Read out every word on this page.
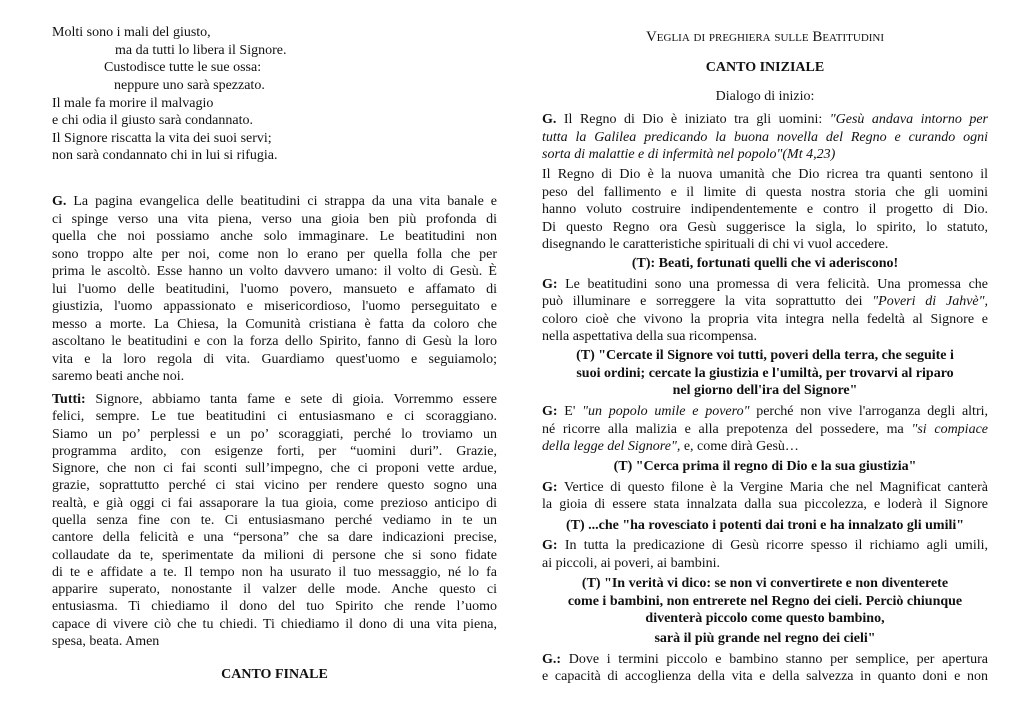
Molti sono i mali del giusto,
ma da tutti lo libera il Signore.
Custodisce tutte le sue ossa:
neppure uno sarà spezzato.
Il male fa morire il malvagio
e chi odia il giusto sarà condannato.
Il Signore riscatta la vita dei suoi servi;
non sarà condannato chi in lui si rifugia.
G. La pagina evangelica delle beatitudini ci strappa da una vita banale e
ci spinge verso una vita piena, verso una gioia ben più profonda di
quella che noi possiamo anche solo immaginare. Le beatitudini non
sono troppo alte per noi, come non lo erano per quella folla che per
prima le ascoltò. Esse hanno un volto davvero umano: il volto di Gesù. È
lui l'uomo delle beatitudini, l'uomo povero, mansueto e affamato di
giustizia, l'uomo appassionato e misericordioso, l'uomo perseguitato e
messo a morte. La Chiesa, la Comunità cristiana è fatta da coloro che
ascoltano le beatitudini e con la forza dello Spirito, fanno di Gesù la loro
vita e la loro regola di vita. Guardiamo quest'uomo e seguiamolo;
saremo beati anche noi.
Tutti: Signore, abbiamo tanta fame e sete di gioia. Vorremmo essere
felici, sempre. Le tue beatitudini ci entusiasmano e ci scoraggiano.
Siamo un po’ perplessi e un po’ scoraggiati, perché lo troviamo un
programma ardito, con esigenze forti, per “uomini duri”. Grazie,
Signore, che non ci fai sconti sull’impegno, che ci proponi vette ardue,
grazie, soprattutto perché ci stai vicino per rendere questo sogno una
realtà, e già oggi ci fai assaporare la tua gioia, come prezioso anticipo di
quella senza fine con te. Ci entusiasmano perché vediamo in te un
cantore della felicità e una “persona” che sa dare indicazioni precise,
collaudate da te, sperimentate da milioni di persone che si sono fidate
di te e affidate a te. Il tempo non ha usurato il tuo messaggio, né lo fa
apparire superato, nonostante il valzer delle mode. Anche questo ci
entusiasma. Ti chiediamo il dono del tuo Spirito che rende l’uomo
capace di vivere ciò che tu chiedi. Ti chiediamo il dono di una vita piena,
spesa, beata. Amen
CANTO FINALE
Veglia di preghiera sulle Beatitudini
CANTO INIZIALE
Dialogo di inizio:
G. Il Regno di Dio è iniziato tra gli uomini: "Gesù andava intorno per
tutta la Galilea predicando la buona novella del Regno e curando ogni
sorta di malattie e di infermità nel popolo"(Mt 4,23)
Il Regno di Dio è la nuova umanità che Dio ricrea tra quanti sentono il
peso del fallimento e il limite di questa nostra storia che gli uomini
hanno voluto costruire indipendentemente e contro il progetto di Dio.
Di questo Regno ora Gesù suggerisce la sigla, lo spirito, lo statuto,
disegnando le caratteristiche spirituali di chi vi vuol accedere.
(T): Beati, fortunati quelli che vi aderiscono!
G: Le beatitudini sono una promessa di vera felicità. Una promessa che
può illuminare e sorreggere la vita soprattutto dei "Poveri di Jahvè",
coloro cioè che vivono la propria vita integra nella fedeltà al Signore e
nella aspettativa della sua ricompensa.
(T) "Cercate il Signore voi tutti, poveri della terra, che seguite i
suoi ordini; cercate la giustizia e l'umiltà, per trovarvi al riparo
nel giorno dell'ira del Signore"
G: E' "un popolo umile e povero" perché non vive l'arroganza degli altri,
né ricorre alla malizia e alla prepotenza del possedere, ma "si compiace
della legge del Signore", e, come dirà Gesù…
(T) "Cerca prima il regno di Dio e la sua giustizia"
G: Vertice di questo filone è la Vergine Maria che nel Magnificat canterà
la gioia di essere stata innalzata dalla sua piccolezza, e loderà il Signore
(T) ...che "ha rovesciato i potenti dai troni e ha innalzato gli umili"
G: In tutta la predicazione di Gesù ricorre spesso il richiamo agli umili,
ai piccoli, ai poveri, ai bambini.
(T) "In verità vi dico: se non vi convertirete e non diventerete
come i bambini, non entrerete nel Regno dei cieli. Perciò chiunque
diventerà piccolo come questo bambino,
sarà il più grande nel regno dei cieli"
G.: Dove i termini piccolo e bambino stanno per semplice, per apertura
e capacità di accoglienza della vita e della salvezza in quanto doni e non
